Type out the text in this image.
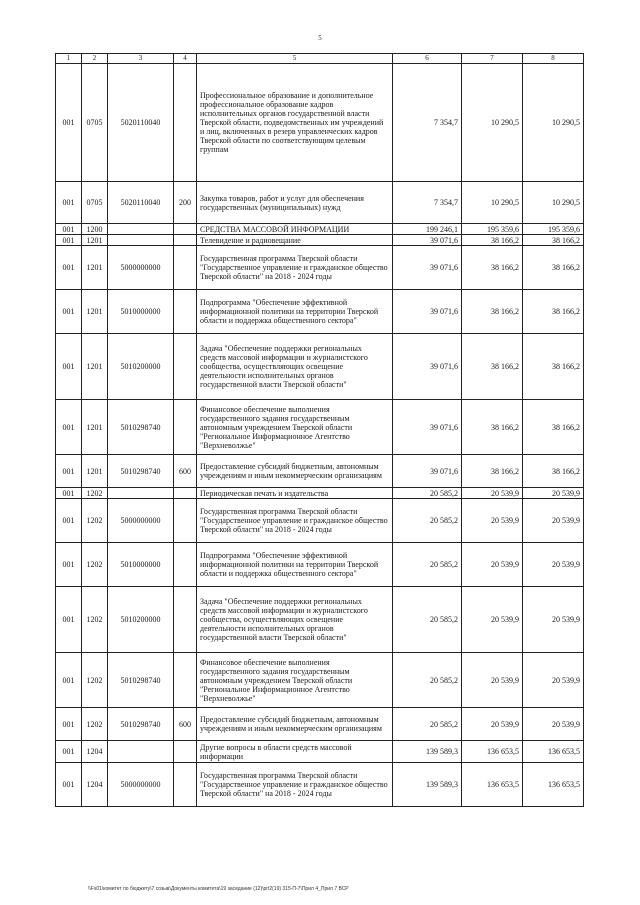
5
1	2	3	4	5	6	7	8
001	0705	5020110040		Профессиональное образование и дополнительное профессиональное образование кадров исполнительных органов государственной власти Тверской области, подведомственных им учреждений и лиц, включенных в резерв управленческих кадров Тверской области по соответствующим целевым группам	7 354,7	10 290,5	10 290,5
001	0705	5020110040	200	Закупка товаров, работ и услуг для обеспечения государственных (муниципальных) нужд	7 354,7	10 290,5	10 290,5
001	1200			СРЕДСТВА МАССОВОЙ ИНФОРМАЦИИ	199 246,1	195 359,6	195 359,6
001	1201			Телевидение и радиовещание	39 071,6	38 166,2	38 166,2
001	1201	5000000000		Государственная программа Тверской области "Государственное управление и гражданское общество Тверской области" на 2018 - 2024 годы	39 071,6	38 166,2	38 166,2
001	1201	5010000000		Подпрограмма "Обеспечение эффективной информационной политики на территории Тверской области и поддержка общественного сектора"	39 071,6	38 166,2	38 166,2
001	1201	5010200000		Задача "Обеспечение поддержки региональных средств массовой информации и журналистского сообщества, осуществляющих освещение деятельности исполнительных органов государственной власти Тверской области"	39 071,6	38 166,2	38 166,2
001	1201	5010298740		Финансовое обеспечение выполнения государственного задания государственным автономным учреждением Тверской области "Региональное Информационное Агентство "Верхневолжье"	39 071,6	38 166,2	38 166,2
001	1201	5010298740	600	Предоставление субсидий бюджетным, автономным учреждениям и иным некоммерческим организациям	39 071,6	38 166,2	38 166,2
001	1202			Периодическая печать и издательства	20 585,2	20 539,9	20 539,9
001	1202	5000000000		Государственная программа Тверской области "Государственное управление и гражданское общество Тверской области" на 2018 - 2024 годы	20 585,2	20 539,9	20 539,9
001	1202	5010000000		Подпрограмма "Обеспечение эффективной информационной политики на территории Тверской области и поддержка общественного сектора"	20 585,2	20 539,9	20 539,9
001	1202	5010200000		Задача "Обеспечение поддержки региональных средств массовой информации и журналистского сообщества, осуществляющих освещение деятельности исполнительных органов государственной власти Тверской области"	20 585,2	20 539,9	20 539,9
001	1202	5010298740		Финансовое обеспечение выполнения государственного задания государственным автономным учреждением Тверской области "Региональное Информационное Агентство "Верхневолжье"	20 585,2	20 539,9	20 539,9
001	1202	5010298740	600	Предоставление субсидий бюджетным, автономным учреждениям и иным некоммерческим организациям	20 585,2	20 539,9	20 539,9
001	1204			Другие вопросы в области средств массовой информации	139 589,3	136 653,5	136 653,5
001	1204	5000000000		Государственная программа Тверской области "Государственное управление и гражданское общество Тверской области" на 2018 - 2024 годы	139 589,3	136 653,5	136 653,5
\\Fs01\комитет по бюджету\7 созыв\Документы комитета\19 заседание (12)\prt2(19) 315-П-7\Прил 4_Прил 7 ВСР
